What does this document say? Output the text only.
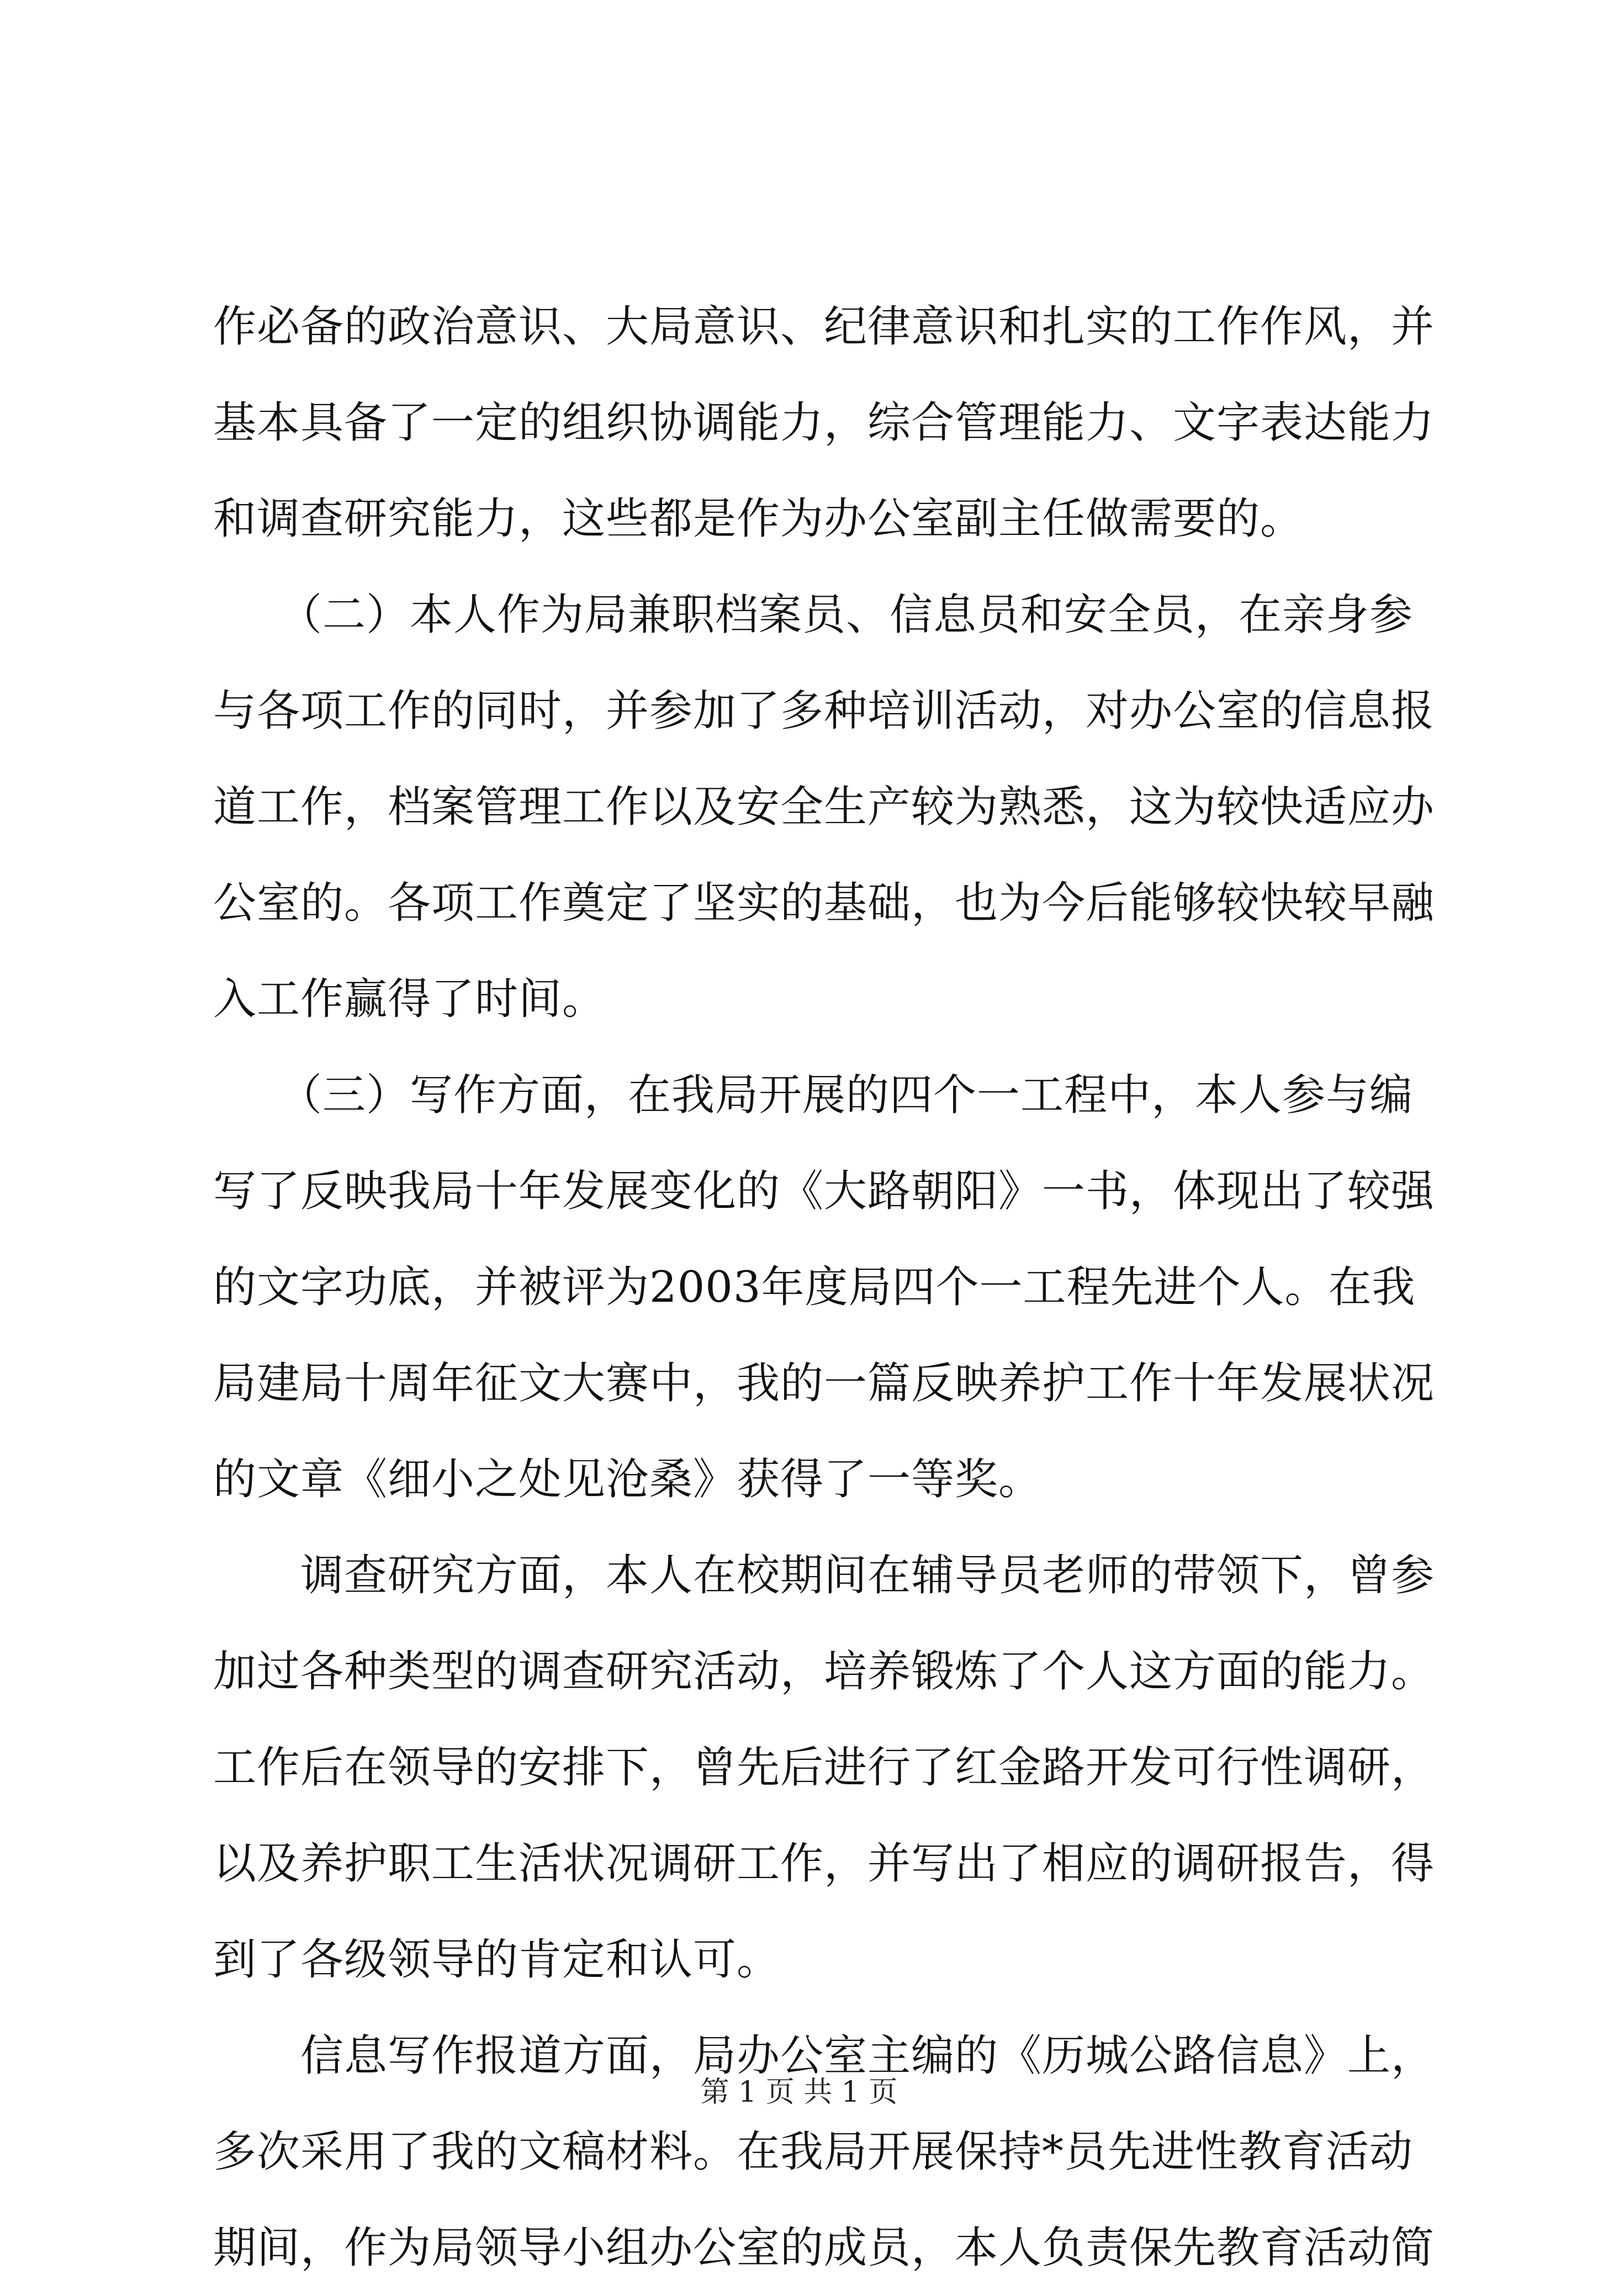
作必备的政治意识、大局意识、纪律意识和扎实的工作作风，并
基本具备了一定的组织协调能力，综合管理能力、文字表达能力
和调查研究能力，这些都是作为办公室副主任做需要的。
　　（二）本人作为局兼职档案员、信息员和安全员，在亲身参
与各项工作的同时，并参加了多种培训活动，对办公室的信息报
道工作，档案管理工作以及安全生产较为熟悉，这为较快适应办
公室的。各项工作奠定了坚实的基础，也为今后能够较快较早融
入工作赢得了时间。
　　（三）写作方面，在我局开展的四个一工程中，本人参与编
写了反映我局十年发展变化的《大路朝阳》一书，体现出了较强
的文字功底，并被评为2003年度局四个一工程先进个人。在我
局建局十周年征文大赛中，我的一篇反映养护工作十年发展状况
的文章《细小之处见沧桑》获得了一等奖。
　　调查研究方面，本人在校期间在辅导员老师的带领下，曾参
加过各种类型的调查研究活动，培养锻炼了个人这方面的能力。
工作后在领导的安排下，曾先后进行了红金路开发可行性调研，
以及养护职工生活状况调研工作，并写出了相应的调研报告，得
到了各级领导的肯定和认可。
　　信息写作报道方面，局办公室主编的《历城公路信息》上，
多次采用了我的文稿材料。在我局开展保持*员先进性教育活动
期间，作为局领导小组办公室的成员，本人负责保先教育活动简
第 1 页 共 1 页
